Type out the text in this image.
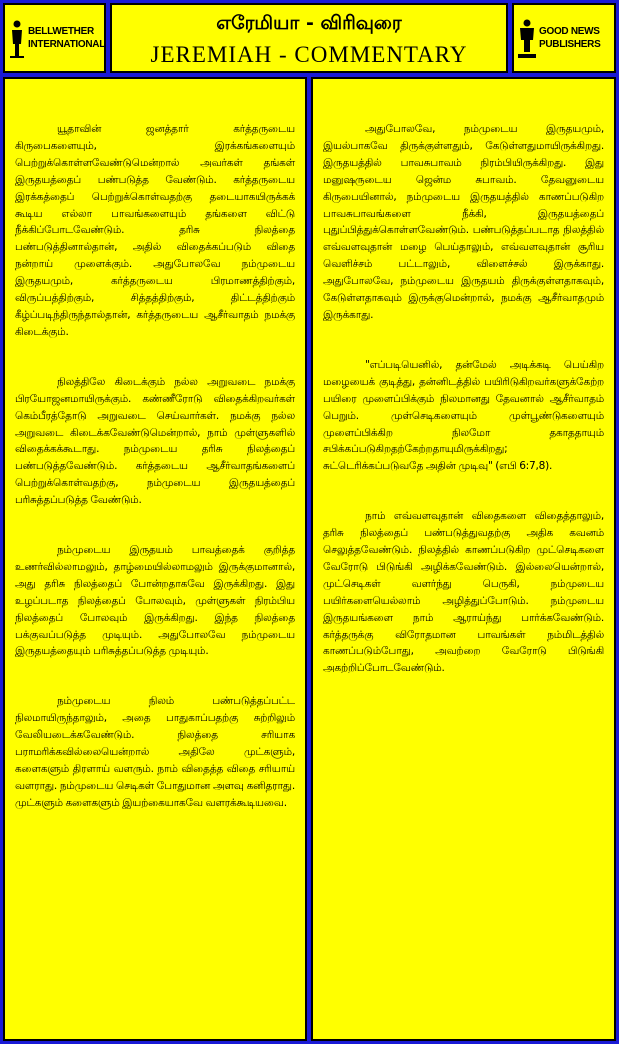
BELLWETHER
INTERNATIONAL
எரேமியா - விரிவுரை
JEREMIAH - COMMENTARY
GOOD NEWS
PUBLISHERS

யூதாவின் ஜனத்தார் கர்த்தருடைய கிருபைகளையும், இரக்கங்களையும் பெற்றுக்கொள்ளவேண்டுமென்றால் அவர்கள் தங்கள் இருதயத்தைப் பண்படுத்த வேண்டும். கர்த்தருடைய இரக்கத்தைப் பெற்றுக்கொள்வதற்கு தடையாகயிருக்கக் கூடிய எல்லா பாவங்களையும் தங்களை விட்டு நீக்கிப்போடவேண்டும். தரிசு நிலத்தை பண்படுத்தினால்தான், அதில் விதைக்கப்படும் விதை நன்றாய் முளைக்கும். அதுபோலவே நம்முடைய இருதயமும், கர்த்தருடைய பிரமாணத்திற்கும், விருப்பத்திற்கும், சித்தத்திற்கும், திட்டத்திற்கும் கீழ்ப்படிந்திருந்தால்தான், கர்த்தருடைய ஆசீர்வாதம் நமக்கு கிடைக்கும்.

நிலத்திலே கிடைக்கும் நல்ல அறுவடை நமக்கு பிரயோஜனமாயிருக்கும். கண்ணீரோடு விதைக்கிறவர்கள் கெம்பீரத்தோடு அறுவடை செய்வார்கள். நமக்கு நல்ல அறுவடை கிடைக்கவேண்டுமென்றால், நாம் முள்ளுகளில் விதைக்கக்கூடாது. நம்முடைய தரிசு நிலத்தைப் பண்படுத்தவேண்டும். கர்த்தடைய ஆசீர்வாதங்களைப் பெற்றுக்கொள்வதற்கு, நம்முடைய இருதயத்தைப் பரிசுத்தப்படுத்த வேண்டும்.

நம்முடைய இருதயம் பாவத்தைக் குறித்த உணர்வில்லாமலும், தாழ்மையில்லாமலும் இருக்குமானால், அது தரிசு நிலத்தைப் போன்றதாகவே இருக்கிறது. இது உழப்படாத நிலத்தைப் போலவும், முள்ளுகள் நிரம்பிய நிலத்தைப் போலவும் இருக்கிறது. இந்த நிலத்தை பக்குவப்படுத்த முடியும். அதுபோலவே நம்முடைய இருதயத்தையும் பரிசுத்தப்படுத்த முடியும்.

நம்முடைய நிலம் பண்படுத்தப்பட்ட நிலமாயிருந்தாலும், அதை பாதுகாப்பதற்கு சுற்றிலும் வேலியடைக்கவேண்டும். நிலத்தை சரியாக பராமரிக்கவில்லையென்றால் அதிலே முட்களும், களைகளும் திரளாய் வளரும். நாம் விதைத்த விதை சரியாய் வளராது. நம்முடைய செடிகள் போதுமான அளவு கனிதராது. முட்களும் களைகளும் இயற்கையாகவே வளரக்கூடியவை.

அதுபோலவே, நம்முடைய இருதயமும், இயல்பாகவே திருக்குள்ளதும், கேடுள்ளதுமாயிருக்கிறது. இருதயத்தில் பாவசுபாவம் நிரம்பியிருக்கிறது. இது மனுஷருடைய ஜென்ம சுபாவம். தேவனுடைய கிருபையினால், நம்முடைய இருதயத்தில் காணப்படுகிற பாவசுபாவங்களை நீக்கி, இருதயத்தைப் புதுப்பித்துக்கொள்ளவேண்டும். பண்படுத்தப்படாத நிலத்தில் எவ்வளவுதான் மழை பெய்தாலும், எவ்வளவுதான் சூரிய வெளிச்சம் பட்டாலும், விளைச்சல் இருக்காது. அதுபோலவே, நம்முடைய இருதயம் திருக்குள்ளதாகவும், கேடுள்ளதாகவும் இருக்குமென்றால், நமக்கு ஆசீர்வாதமும் இருக்காது.

"எப்படியெனில், தன்மேல் அடிக்கடி பெய்கிற மழையைக் குடித்து, தன்னிடத்தில் பயிரிடுகிறவர்களுக்கேற்ற பயிரை முளைப்பிக்கும் நிலமானது தேவனால் ஆசீர்வாதம் பெறும். முள்செடிகளையும் முள்பூண்டுகளையும் முளைப்பிக்கிற நிலமோ தகாததாயும் சபிக்கப்படுகிறதற்கேற்றதாயுமிருக்கிறது; சுட்டெரிக்கப்படுவதே அதின் முடிவு" (எபி 6:7,8).

நாம் எவ்வளவுதான் விதைகளை விதைத்தாலும், தரிசு நிலத்தைப் பண்படுத்துவதற்கு அதிக கவனம் செலுத்தவேண்டும். நிலத்தில் காணப்படுகிற முட்செடிகளை வேரோடு பிடுங்கி அழிக்கவேண்டும். இல்லையென்றால், முட்செடிகள் வளர்ந்து பெருகி, நம்முடைய பயிர்களையெல்லாம் அழித்துப்போடும். நம்முடைய இருதயங்களை நாம் ஆராய்ந்து பார்க்கவேண்டும். கர்த்தருக்கு விரோதமான பாவங்கள் நம்மிடத்தில் காணப்படும்போது, அவற்றை வேரோடு பிடுங்கி அகற்றிப்போடவேண்டும்.
